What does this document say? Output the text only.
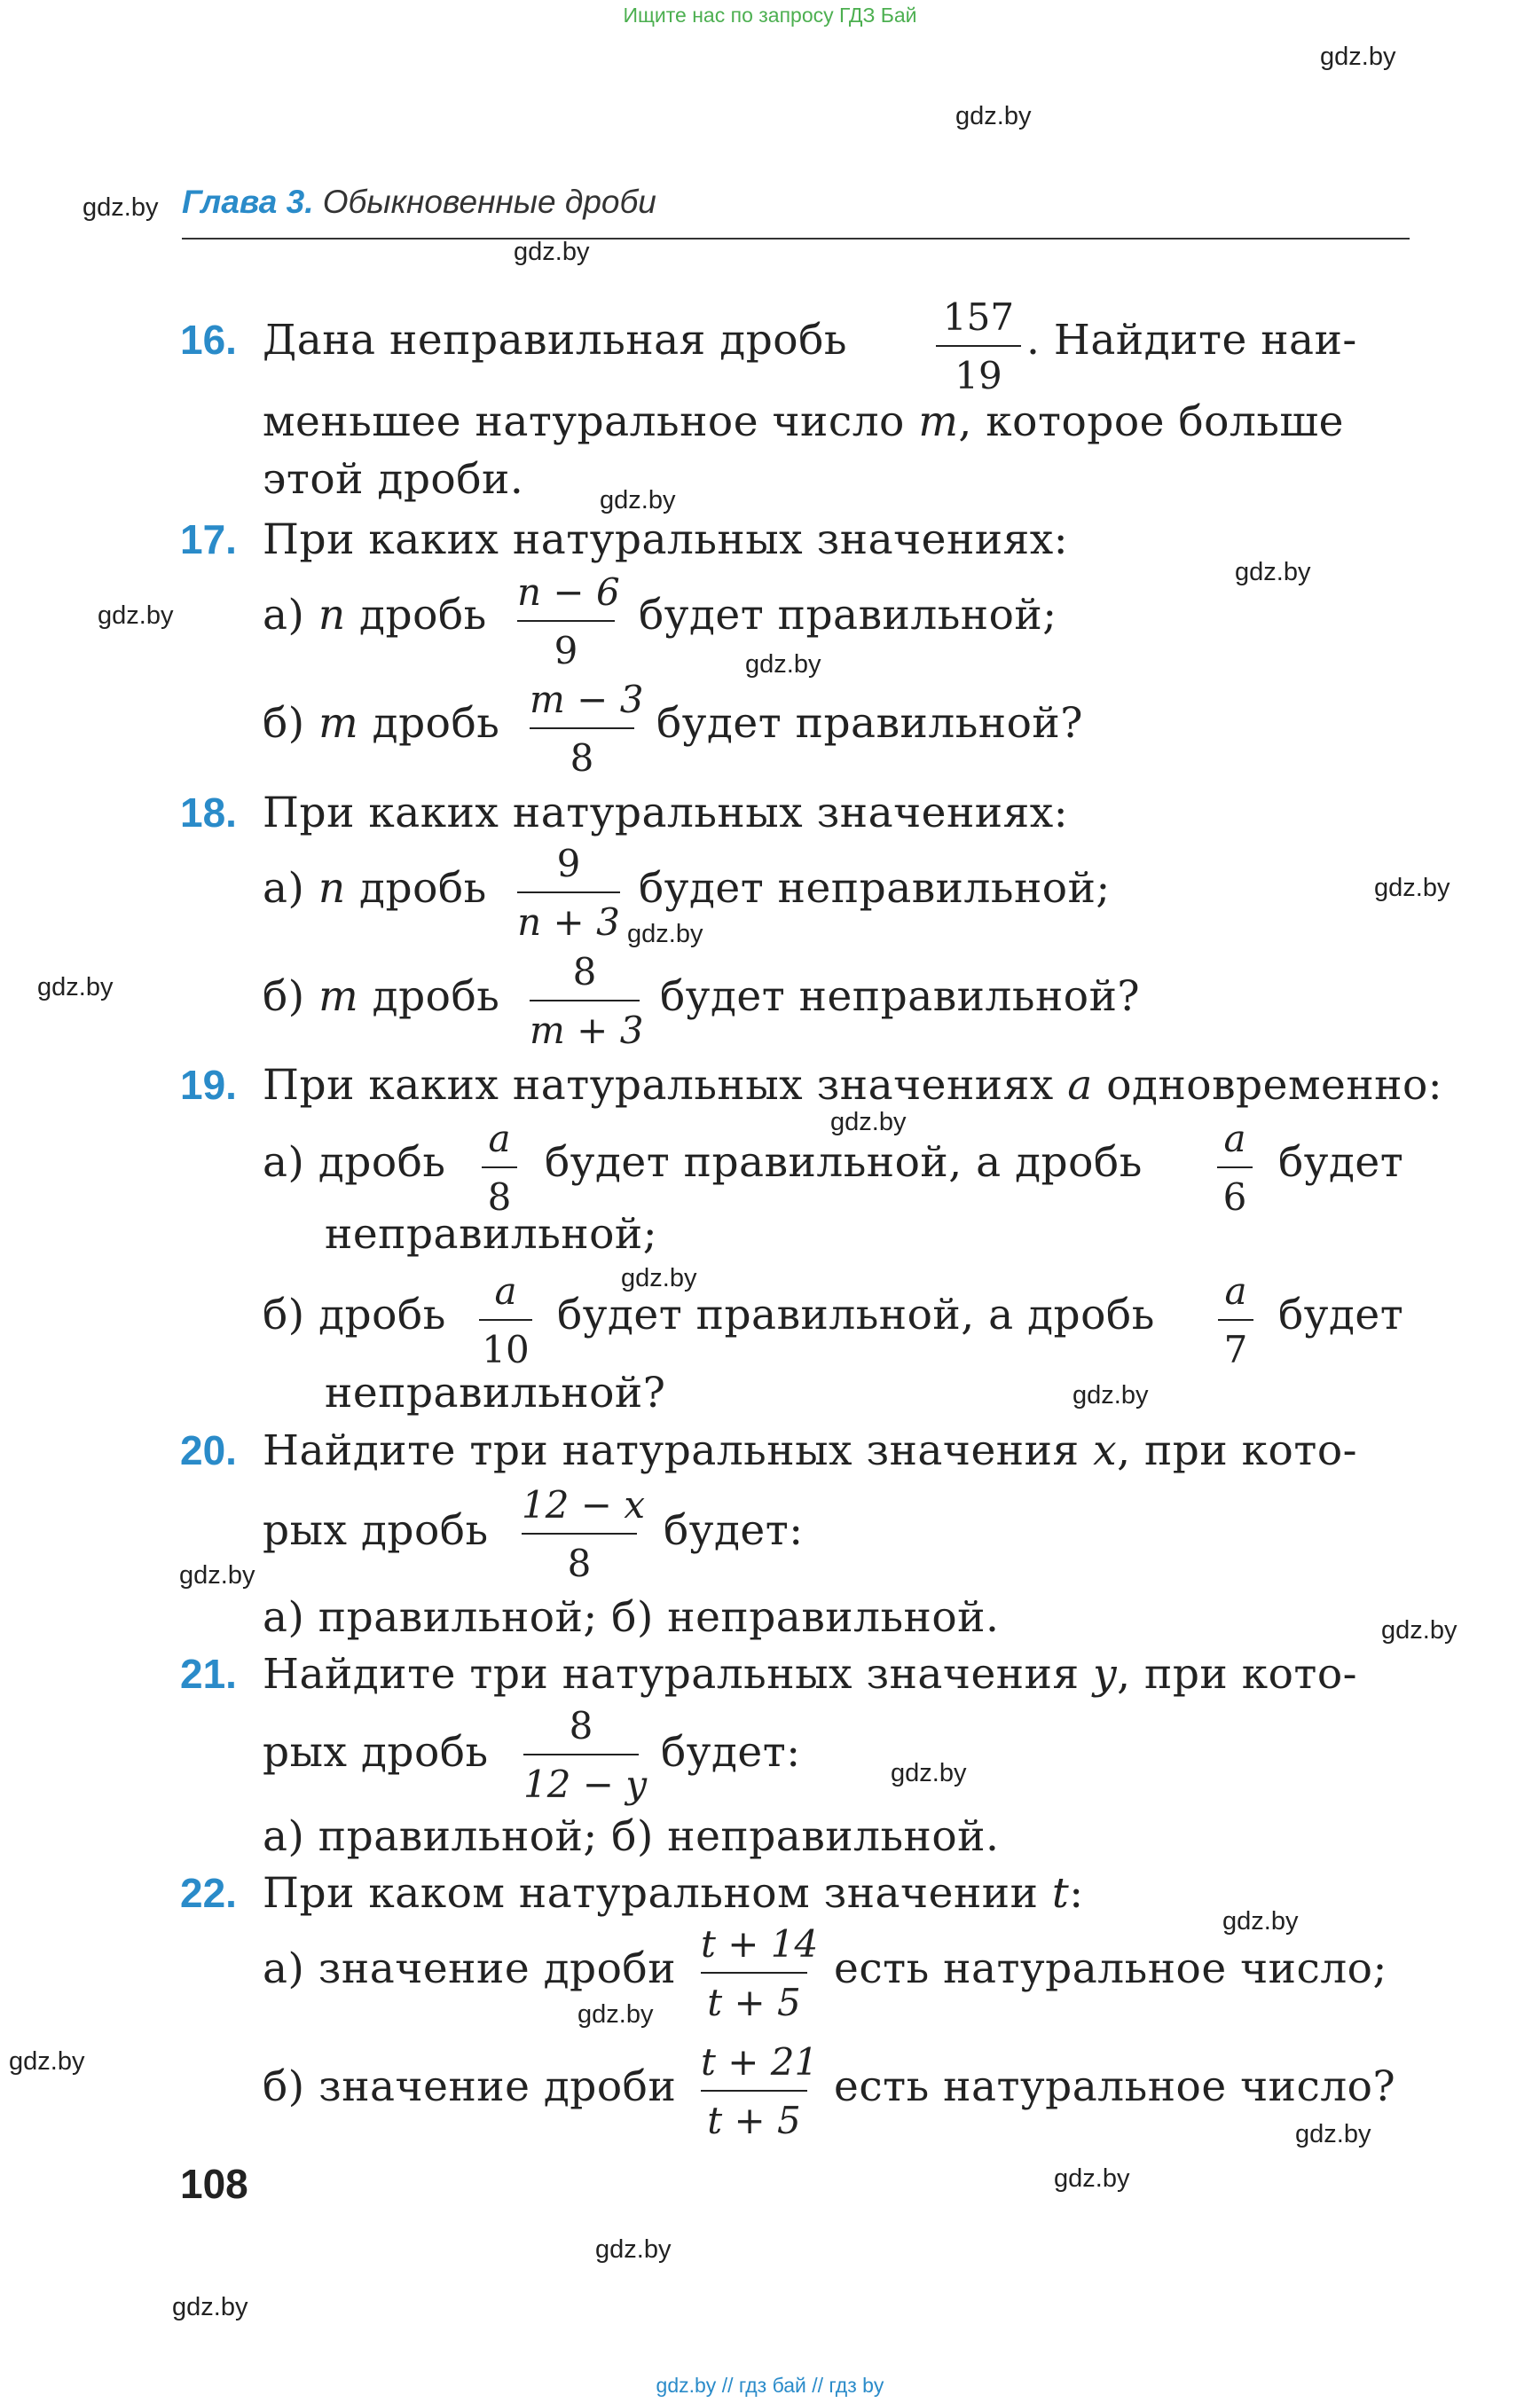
Ищите нас по запросу ГДЗ Бай
Глава 3. Обыкновенные дроби
gdz.by
gdz.by
gdz.by
gdz.by
gdz.by
gdz.by
gdz.by
gdz.by
gdz.by
gdz.by
gdz.by
gdz.by
gdz.by
gdz.by
gdz.by
gdz.by
gdz.by
gdz.by
gdz.by
gdz.by
gdz.by
gdz.by
gdz.by
gdz.by
16. Дана неправильная дробь	157
19
. Найдите наи-
меньшее натуральное число m, которое больше
этой дроби.
17. При каких натуральных значениях:
а) n дробь n − 6
9
будет правильной;
б) m дробь m − 3
8
будет правильной?
18. При каких натуральных значениях:
а) n дробь
9
n + 3
будет неправильной;
б) m дробь
8
m + 3
будет неправильной?
19. При каких натуральных значениях a одновременно:
а) дробь a
8
будет правильной, а дробь a
6
будет
неправильной;
б) дробь	a
10
будет правильной, а дробь a
7
будет
неправильной?
20. Найдите три натуральных значения x, при кото-
рых дробь
12 − x
8
будет:
а) правильной; б) неправильной.
21. Найдите три натуральных значения y, при кото-
рых дробь
8
12 − y
будет:
а) правильной; б) неправильной.
22. При каком натуральном значении t:
а) значение дроби
t + 14
t + 5
есть натуральное число;
б) значение дроби
t + 21
t + 5
есть натуральное число?
108
gdz.by // гдз бай // гдз by
